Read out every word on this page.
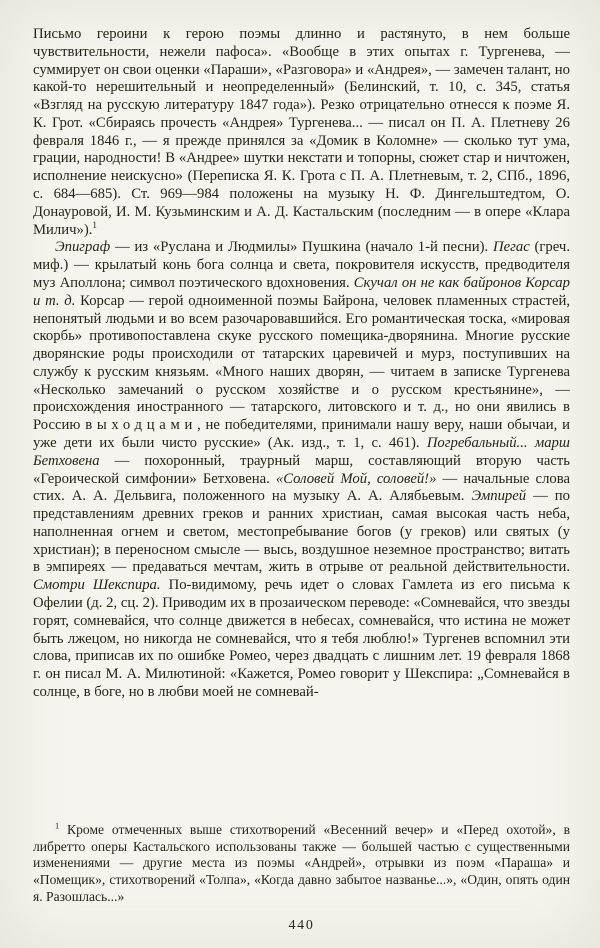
Письмо героини к герою поэмы длинно и растянуто, в нем больше чувствительности, нежели пафоса». «Вообще в этих опытах г. Тургенева, — суммирует он свои оценки «Параши», «Разговора» и «Андрея», — замечен талант, но какой-то нерешительный и неопределенный» (Белинский, т. 10, с. 345, статья «Взгляд на русскую литературу 1847 года»). Резко отрицательно отнесся к поэме Я. К. Грот. «Сбираясь прочесть «Андрея» Тургенева... — писал он П. А. Плетневу 26 февраля 1846 г., — я прежде принялся за «Домик в Коломне» — сколько тут ума, грации, народности! В «Андрее» шутки некстати и топорны, сюжет стар и ничтожен, исполнение неискусно» (Переписка Я. К. Грота с П. А. Плетневым, т. 2, СПб., 1896, с. 684—685). Ст. 969—984 положены на музыку Н. Ф. Дингельштедтом, О. Донауровой, И. М. Кузьминским и А. Д. Кастальским (последним — в опере «Клара Милич»).$^1$

Эпиграф — из «Руслана и Людмилы» Пушкина (начало 1-й песни). Пегас (греч. миф.) — крылатый конь бога солнца и света, покровителя искусств, предводителя муз Аполлона; символ поэтического вдохновения. Скучал он не как байронов Корсар и т. д. Корсар — герой одноименной поэмы Байрона, человек пламенных страстей, непонятый людьми и во всем разочаровавшийся. Его романтическая тоска, «мировая скорбь» противопоставлена скуке русского помещика-дворянина. Многие русские дворянские роды происходили от татарских царевичей и мурз, поступивших на службу к русским князьям. «Много наших дворян, — читаем в записке Тургенева «Несколько замечаний о русском хозяйстве и о русском крестьянине», — происхождения иностранного — татарского, литовского и т. д., но они явились в Россию выходцами, не победителями, принимали нашу веру, наши обычаи, и уже дети их были чисто русские» (Ак. изд., т. 1, с. 461). Погребальный... марш Бетховена — похоронный, траурный марш, составляющий вторую часть «Героической симфонии» Бетховена. «Соловей Мой, соловей!» — начальные слова стих. А. А. Дельвига, положенного на музыку А. А. Алябьевым. Эмпирей — по представлениям древних греков и ранних христиан, самая высокая часть неба, наполненная огнем и светом, местопребывание богов (у греков) или святых (у христиан); в переносном смысле — высь, воздушное неземное пространство; витать в эмпиреях — предаваться мечтам, жить в отрыве от реальной действительности. Смотри Шекспира. По-видимому, речь идет о словах Гамлета из его письма к Офелии (д. 2, сц. 2). Приводим их в прозаическом переводе: «Сомневайся, что звезды горят, сомневайся, что солнце движется в небесах, сомневайся, что истина не может быть лжецом, но никогда не сомневайся, что я тебя люблю!» Тургенев вспомнил эти слова, приписав их по ошибке Ромео, через двадцать с лишним лет. 19 февраля 1868 г. он писал М. А. Милютиной: «Кажется, Ромео говорит у Шекспира: „Сомневайся в солнце, в боге, но в любви моей не сомневай-

$^1$ Кроме отмеченных выше стихотворений «Весенний вечер» и «Перед охотой», в либретто оперы Кастальского использованы также — большей частью с существенными изменениями — другие места из поэмы «Андрей», отрывки из поэм «Параша» и «Помещик», стихотворений «Толпа», «Когда давно забытое названье...», «Один, опять один я. Разошлась...»

440
